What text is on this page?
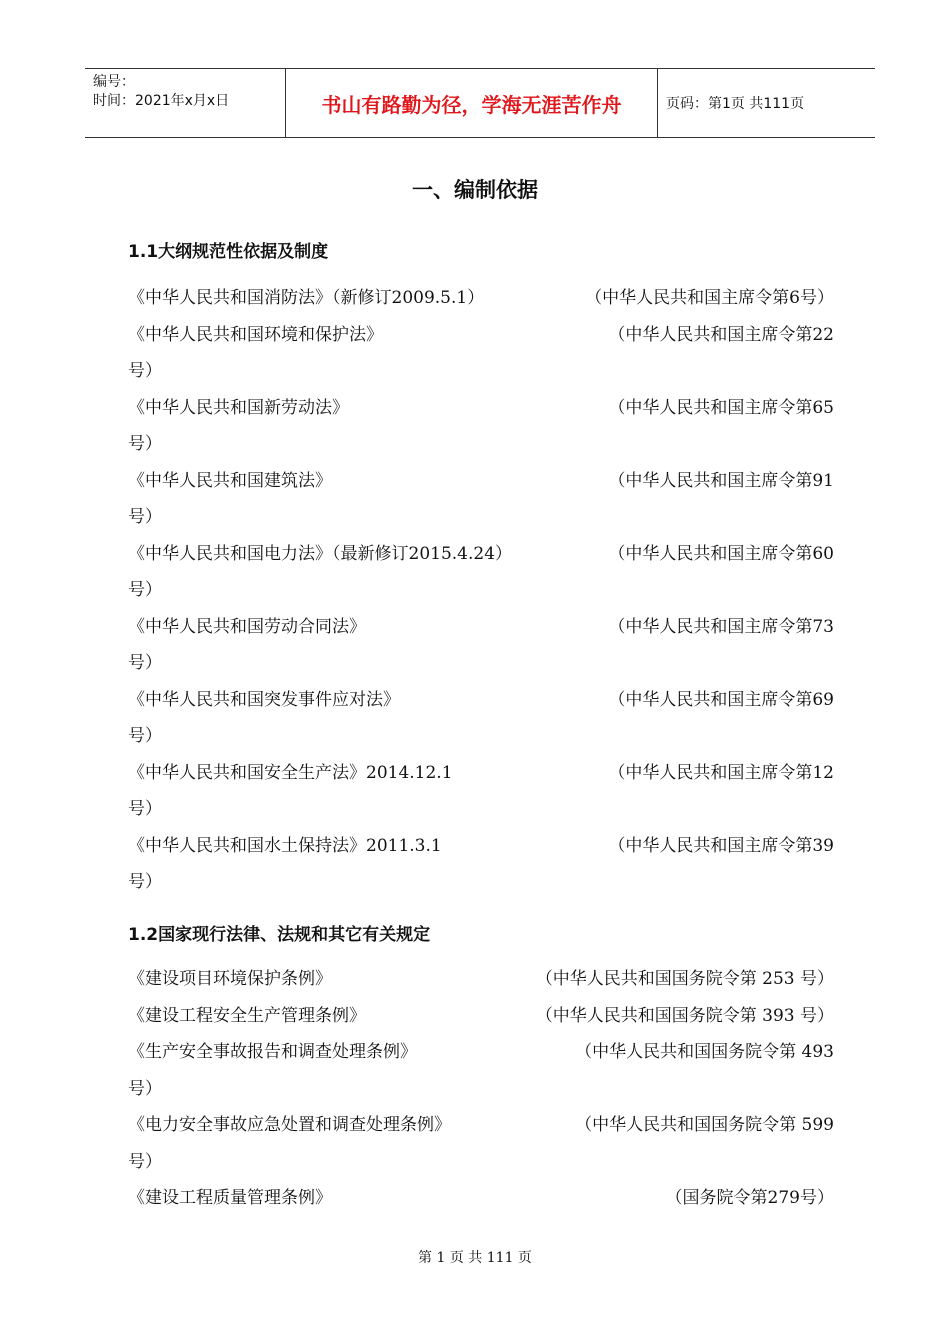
编号：
时间：2021年x月x日	书山有路勤为径，学海无涯苦作舟	页码：第1页 共111页
一、编制依据
1.1大纲规范性依据及制度
《中华人民共和国消防法》（新修订2009.5.1）	（中华人民共和国主席令第6号）
《中华人民共和国环境和保护法》	（中华人民共和国主席令第22
号）
《中华人民共和国新劳动法》	（中华人民共和国主席令第65
号）
《中华人民共和国建筑法》	（中华人民共和国主席令第91
号）
《中华人民共和国电力法》（最新修订2015.4.24）	（中华人民共和国主席令第60
号）
《中华人民共和国劳动合同法》	（中华人民共和国主席令第73
号）
《中华人民共和国突发事件应对法》	（中华人民共和国主席令第69
号）
《中华人民共和国安全生产法》2014.12.1	（中华人民共和国主席令第12
号）
《中华人民共和国水土保持法》2011.3.1	（中华人民共和国主席令第39
号）
1.2国家现行法律、法规和其它有关规定
《建设项目环境保护条例》	（中华人民共和国国务院令第 253 号）
《建设工程安全生产管理条例》	（中华人民共和国国务院令第 393 号）
《生产安全事故报告和调查处理条例》	（中华人民共和国国务院令第 493
号）
《电力安全事故应急处置和调查处理条例》	（中华人民共和国国务院令第 599
号）
《建设工程质量管理条例》	（国务院令第279号）
第 1 页 共 111 页
